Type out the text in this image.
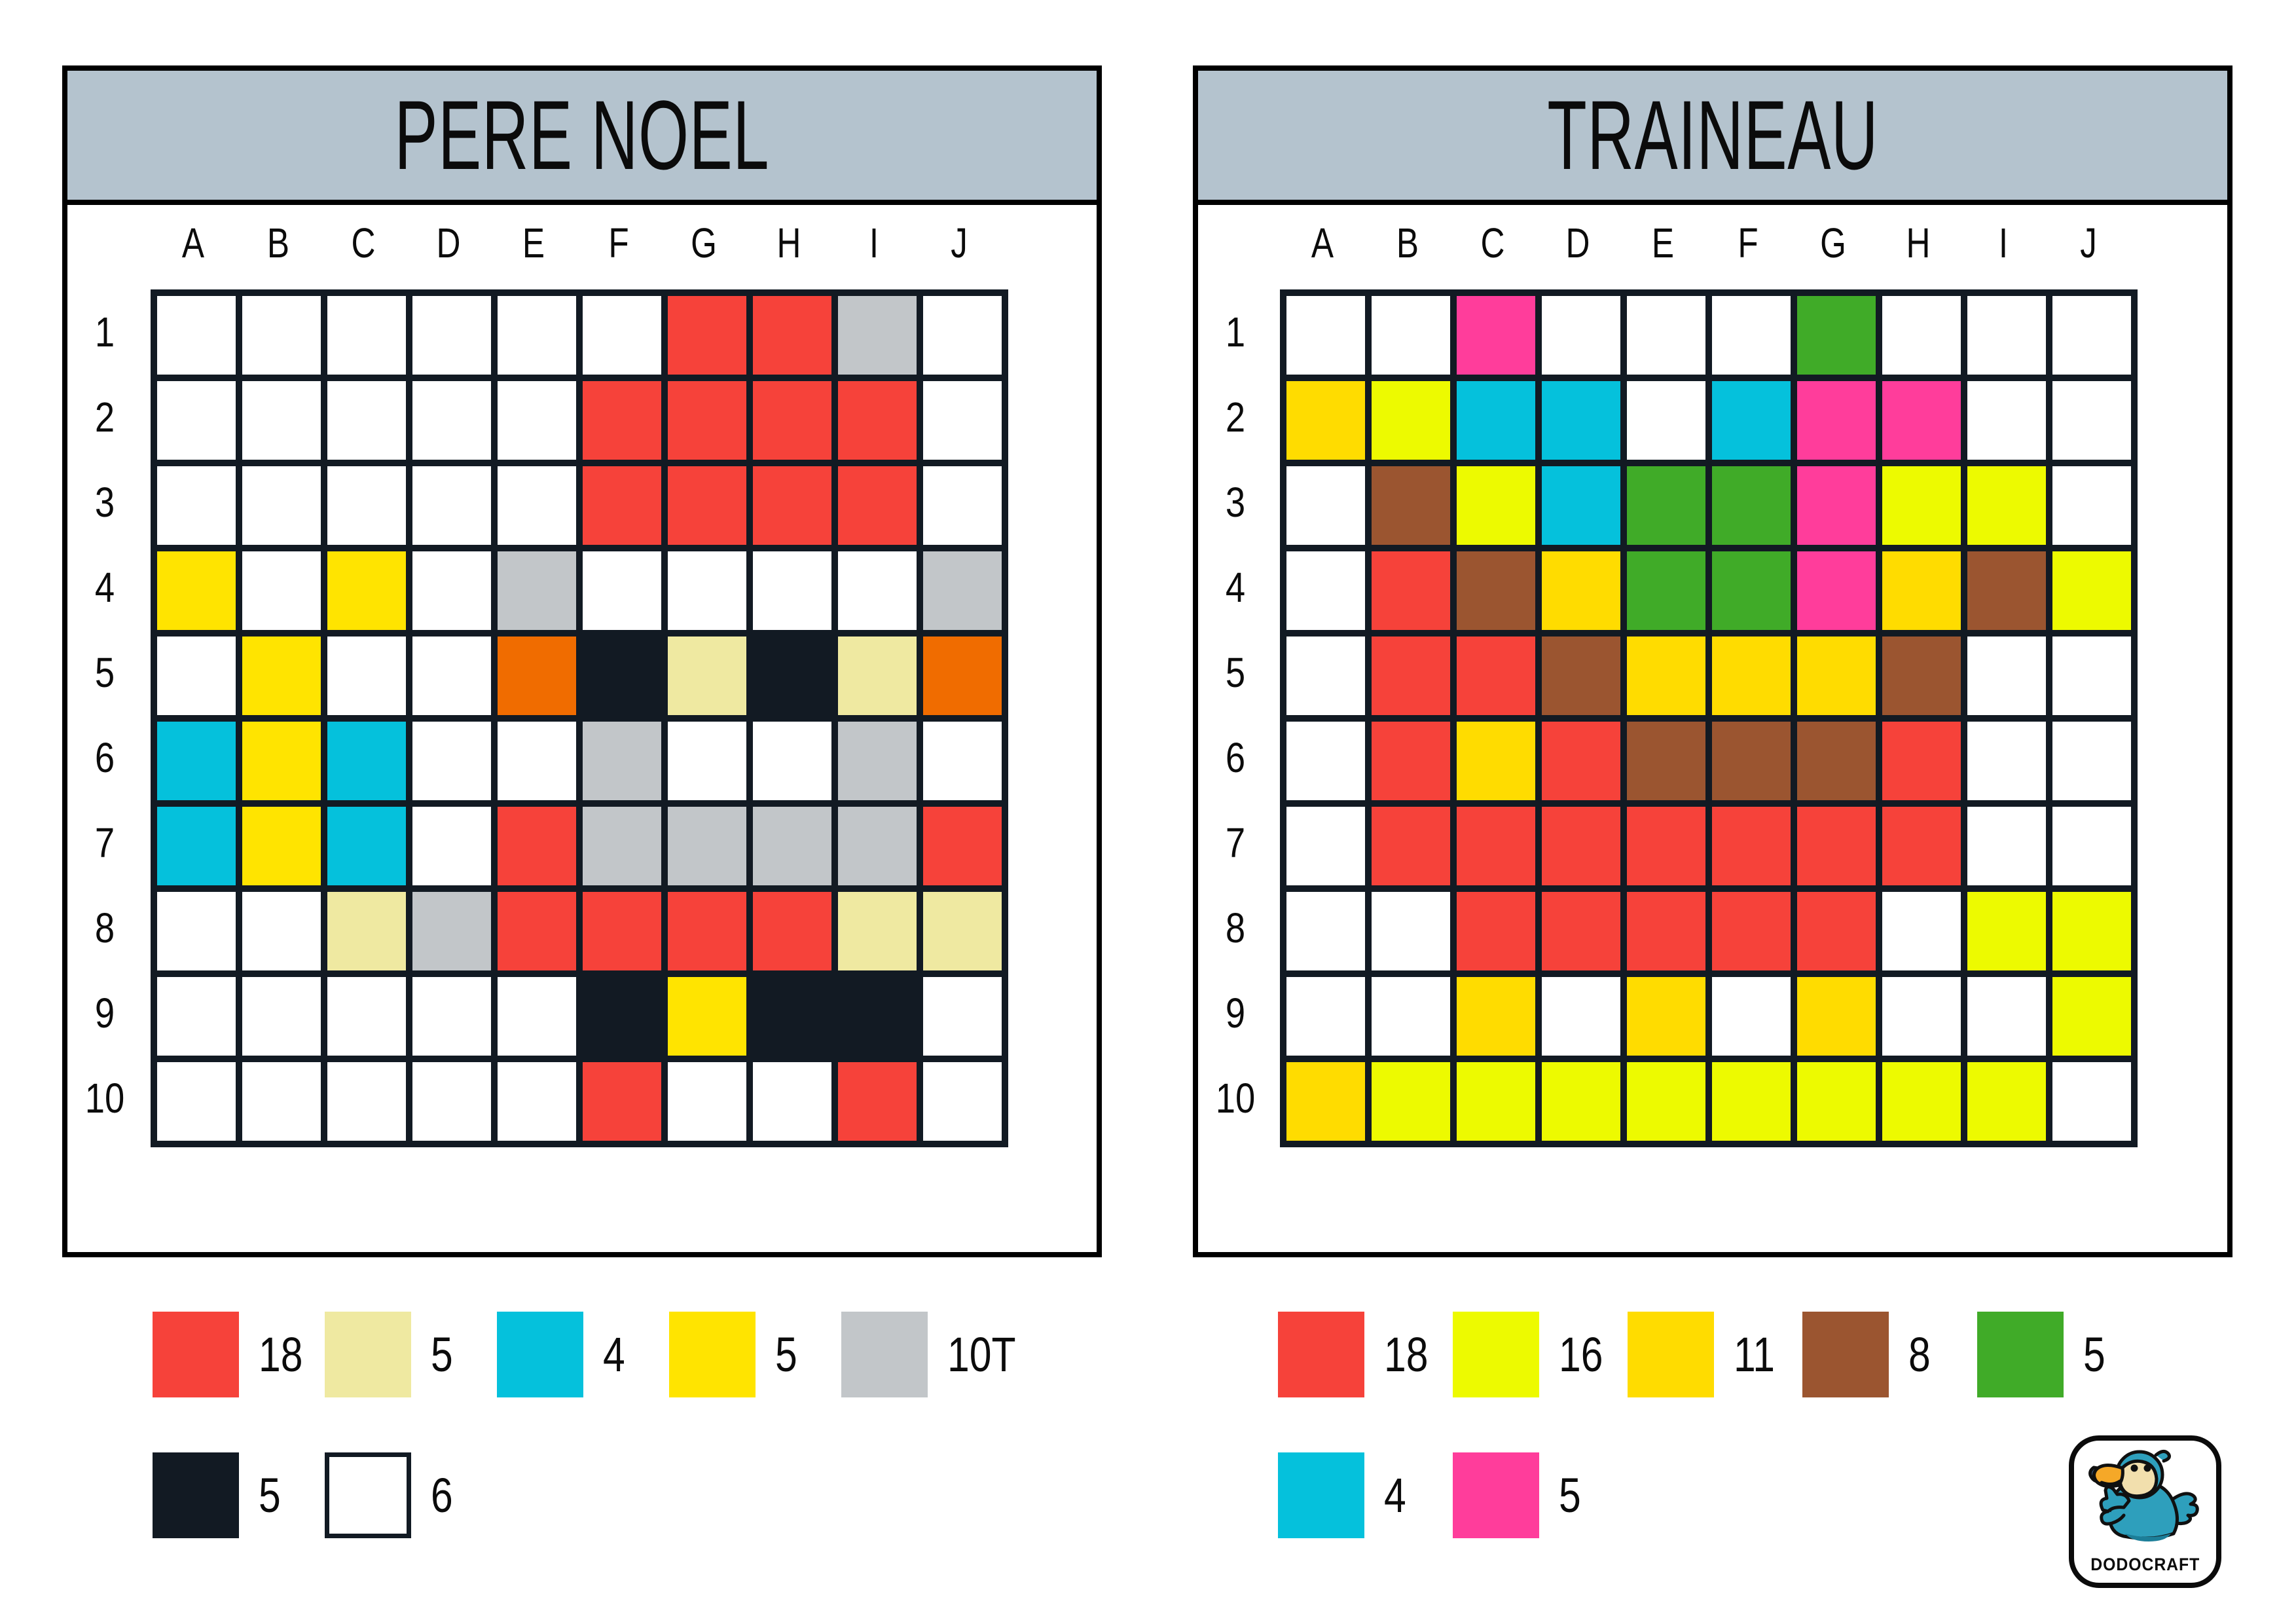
DODOCRAFT
PERE NOEL
A	B	C	D	E	F	G	H	I	J
1
2
3
4
5
6
7
8
9
10
18	5	4	5	10T
5	6
TRAINEAU
A	B	C	D	E	F	G	H	I	J
1
2
3
4
5
6
7
8
9
10
18	16	11	8	5
4	5
